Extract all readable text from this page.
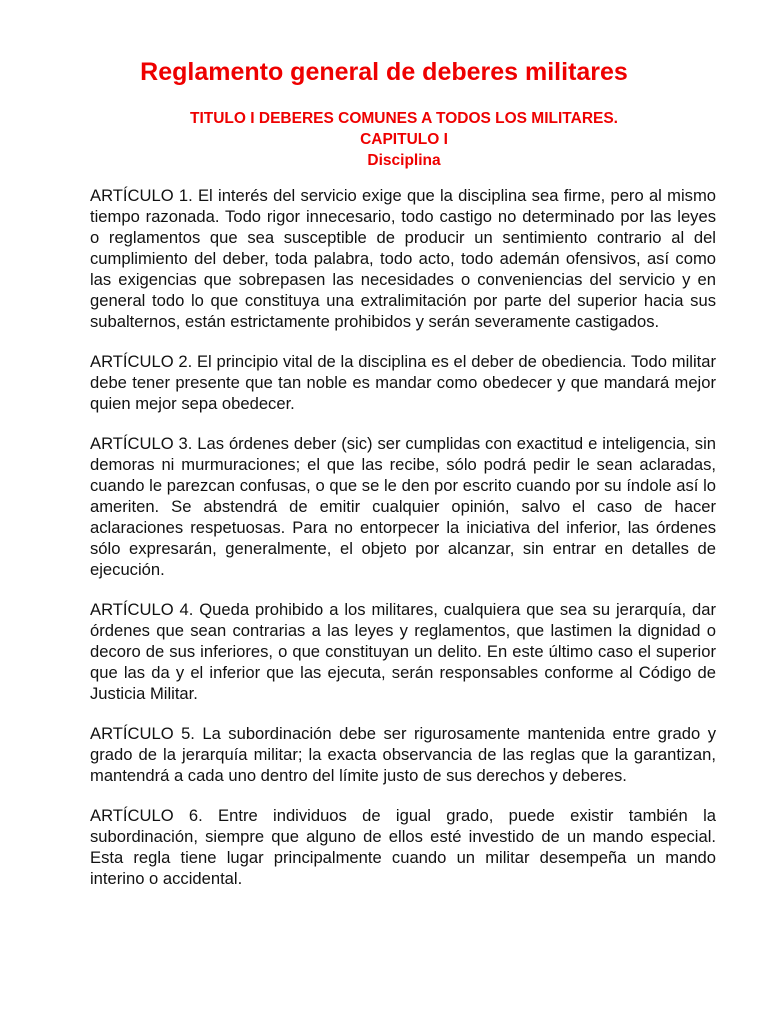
Reglamento general de deberes militares
TITULO I DEBERES COMUNES A TODOS LOS MILITARES.
CAPITULO I
Disciplina

ARTÍCULO 1. El interés del servicio exige que la disciplina sea firme, pero al mismo tiempo razonada. Todo rigor innecesario, todo castigo no determinado por las leyes o reglamentos que sea susceptible de producir un sentimiento contrario al del cumplimiento del deber, toda palabra, todo acto, todo ademán ofensivos, así como las exigencias que sobrepasen las necesidades o conveniencias del servicio y en general todo lo que constituya una extralimitación por parte del superior hacia sus subalternos, están estrictamente prohibidos y serán severamente castigados.

ARTÍCULO 2. El principio vital de la disciplina es el deber de obediencia. Todo militar debe tener presente que tan noble es mandar como obedecer y que mandará mejor quien mejor sepa obedecer.

ARTÍCULO 3. Las órdenes deber (sic) ser cumplidas con exactitud e inteligencia, sin demoras ni murmuraciones; el que las recibe, sólo podrá pedir le sean aclaradas, cuando le parezcan confusas, o que se le den por escrito cuando por su índole así lo ameriten. Se abstendrá de emitir cualquier opinión, salvo el caso de hacer aclaraciones respetuosas. Para no entorpecer la iniciativa del inferior, las órdenes sólo expresarán, generalmente, el objeto por alcanzar, sin entrar en detalles de ejecución.

ARTÍCULO 4. Queda prohibido a los militares, cualquiera que sea su jerarquía, dar órdenes que sean contrarias a las leyes y reglamentos, que lastimen la dignidad o decoro de sus inferiores, o que constituyan un delito. En este último caso el superior que las da y el inferior que las ejecuta, serán responsables conforme al Código de Justicia Militar.

ARTÍCULO 5. La subordinación debe ser rigurosamente mantenida entre grado y grado de la jerarquía militar; la exacta observancia de las reglas que la garantizan, mantendrá a cada uno dentro del límite justo de sus derechos y deberes.

ARTÍCULO 6. Entre individuos de igual grado, puede existir también la subordinación, siempre que alguno de ellos esté investido de un mando especial. Esta regla tiene lugar principalmente cuando un militar desempeña un mando interino o accidental.
